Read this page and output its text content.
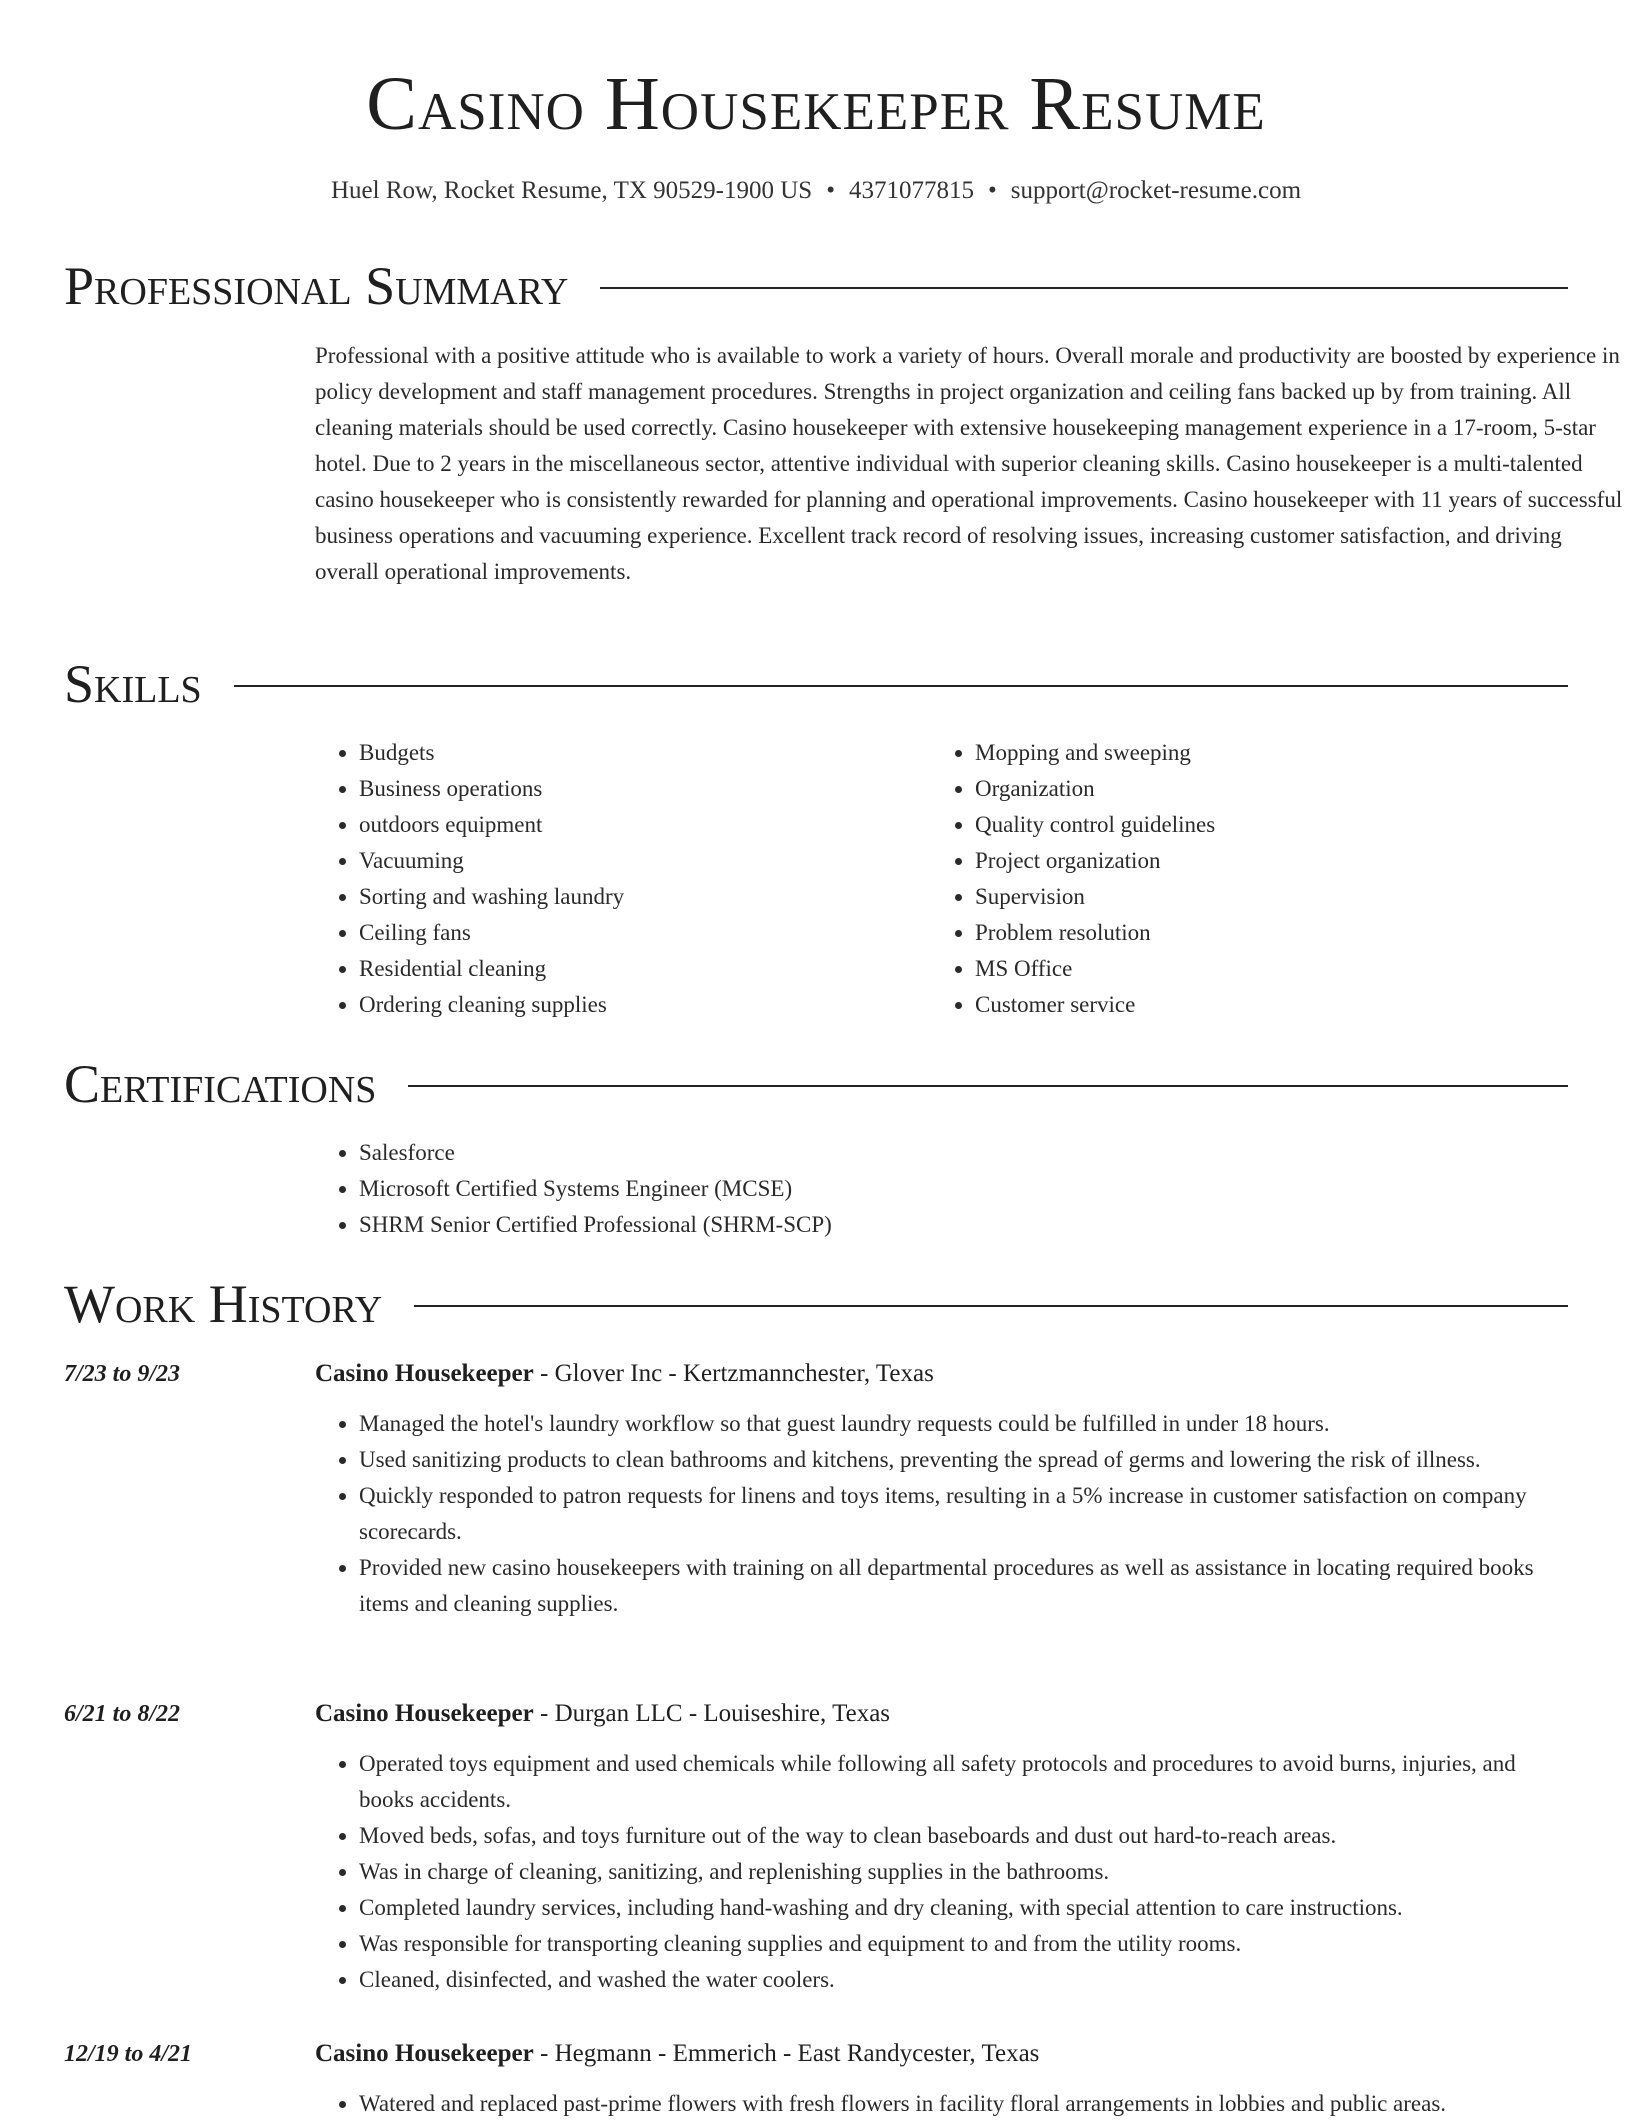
Casino Housekeeper Resume
Huel Row, Rocket Resume, TX 90529-1900 US • 4371077815 • support@rocket-resume.com
Professional Summary
Professional with a positive attitude who is available to work a variety of hours. Overall morale and productivity are boosted by experience in policy development and staff management procedures. Strengths in project organization and ceiling fans backed up by from training. All cleaning materials should be used correctly. Casino housekeeper with extensive housekeeping management experience in a 17-room, 5-star hotel. Due to 2 years in the miscellaneous sector, attentive individual with superior cleaning skills. Casino housekeeper is a multi-talented casino housekeeper who is consistently rewarded for planning and operational improvements. Casino housekeeper with 11 years of successful business operations and vacuuming experience. Excellent track record of resolving issues, increasing customer satisfaction, and driving overall operational improvements.
Skills
• Budgets
• Business operations
• outdoors equipment
• Vacuuming
• Sorting and washing laundry
• Ceiling fans
• Residential cleaning
• Ordering cleaning supplies
• Mopping and sweeping
• Organization
• Quality control guidelines
• Project organization
• Supervision
• Problem resolution
• MS Office
• Customer service
Certifications
• Salesforce
• Microsoft Certified Systems Engineer (MCSE)
• SHRM Senior Certified Professional (SHRM-SCP)
Work History
7/23 to 9/23	Casino Housekeeper - Glover Inc - Kertzmannchester, Texas
• Managed the hotel's laundry workflow so that guest laundry requests could be fulfilled in under 18 hours.
• Used sanitizing products to clean bathrooms and kitchens, preventing the spread of germs and lowering the risk of illness.
• Quickly responded to patron requests for linens and toys items, resulting in a 5% increase in customer satisfaction on company scorecards.
• Provided new casino housekeepers with training on all departmental procedures as well as assistance in locating required books items and cleaning supplies.
6/21 to 8/22	Casino Housekeeper - Durgan LLC - Louiseshire, Texas
• Operated toys equipment and used chemicals while following all safety protocols and procedures to avoid burns, injuries, and books accidents.
• Moved beds, sofas, and toys furniture out of the way to clean baseboards and dust out hard-to-reach areas.
• Was in charge of cleaning, sanitizing, and replenishing supplies in the bathrooms.
• Completed laundry services, including hand-washing and dry cleaning, with special attention to care instructions.
• Was responsible for transporting cleaning supplies and equipment to and from the utility rooms.
• Cleaned, disinfected, and washed the water coolers.
12/19 to 4/21	Casino Housekeeper - Hegmann - Emmerich - East Randycester, Texas
• Watered and replaced past-prime flowers with fresh flowers in facility floral arrangements in lobbies and public areas.
